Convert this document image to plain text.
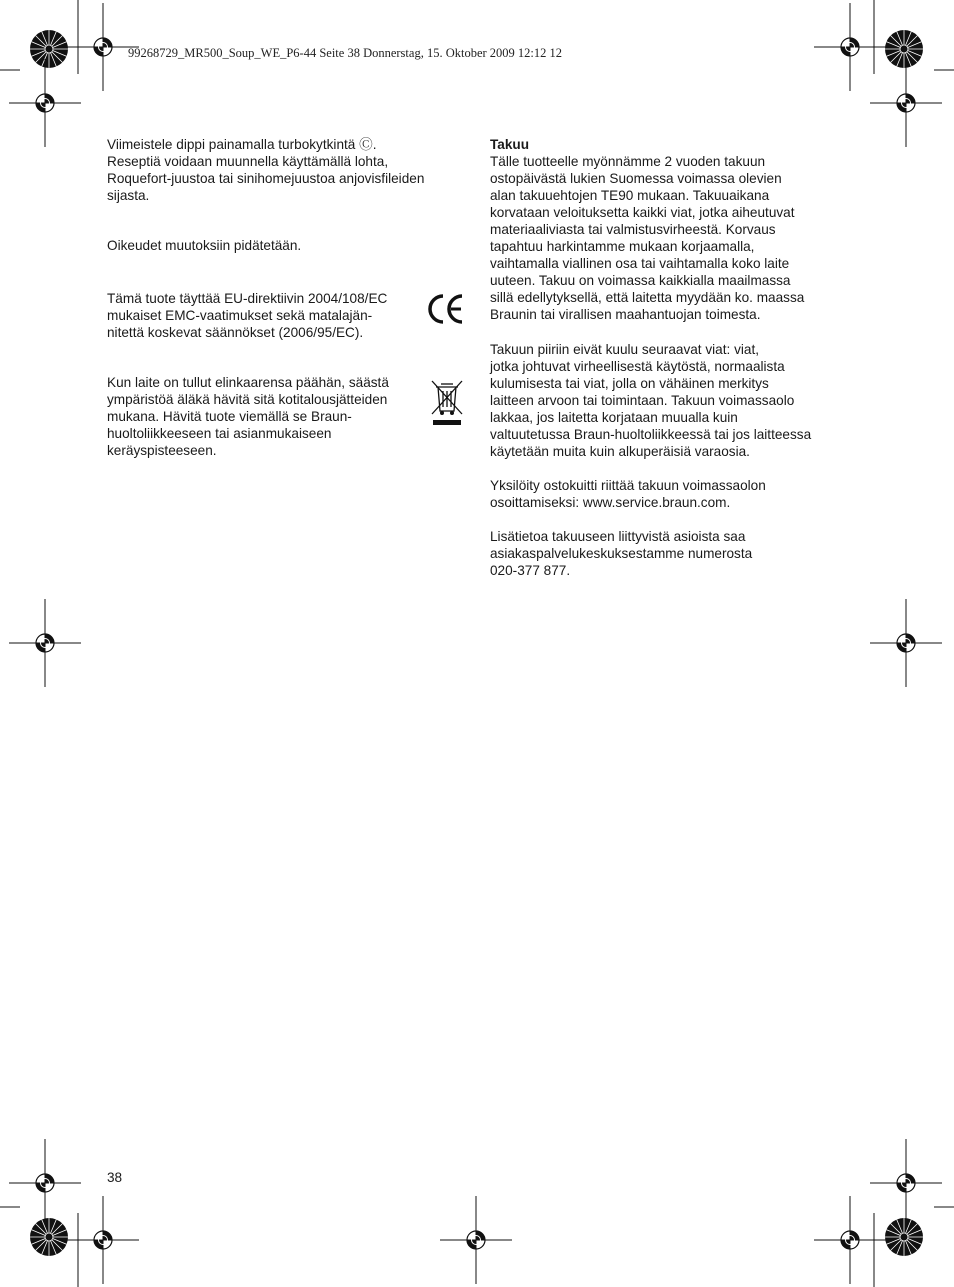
99268729_MR500_Soup_WE_P6-44 Seite 38 Donnerstag, 15. Oktober 2009 12:12 12
Viimeistele dippi painamalla turbokytkintä Ⓒ.
Reseptiä voidaan muunnella käyttämällä lohta,
Roquefort-juustoa tai sinihomejuustoa anjovisfileiden
sijasta.
Oikeudet muutoksiin pidätetään.
Tämä tuote täyttää EU-direktiivin 2004/108/EC
mukaiset EMC-vaatimukset sekä matalajän-
nitettä koskevat säännökset (2006/95/EC).
Kun laite on tullut elinkaarensa päähän, säästä
ympäristöä äläkä hävitä sitä kotitalousjätteiden
mukana. Hävitä tuote viemällä se Braun-
huoltoliikkeeseen tai asianmukaiseen
keräyspisteeseen.
Takuu
Tälle tuotteelle myönnämme 2 vuoden takuun
ostopäivästä lukien Suomessa voimassa olevien
alan takuuehtojen TE90 mukaan. Takuuaikana
korvataan veloituksetta kaikki viat, jotka aiheutuvat
materiaaliviasta tai valmistusvirheestä. Korvaus
tapahtuu harkintamme mukaan korjaamalla,
vaihtamalla viallinen osa tai vaihtamalla koko laite
uuteen. Takuu on voimassa kaikkialla maailmassa
sillä edellytyksellä, että laitetta myydään ko. maassa
Braunin tai virallisen maahantuojan toimesta.
Takuun piiriin eivät kuulu seuraavat viat: viat,
jotka johtuvat virheellisestä käytöstä, normaalista
kulumisesta tai viat, jolla on vähäinen merkitys
laitteen arvoon tai toimintaan. Takuun voimassaolo
lakkaa, jos laitetta korjataan muualla kuin
valtuutetussa Braun-huoltoliikkeessä tai jos laitteessa
käytetään muita kuin alkuperäisiä varaosia.
Yksilöity ostokuitti riittää takuun voimassaolon
osoittamiseksi: www.service.braun.com.
Lisätietoa takuuseen liittyvistä asioista saa
asiakaspalvelukeskuksestamme numerosta
020-377 877.
38
